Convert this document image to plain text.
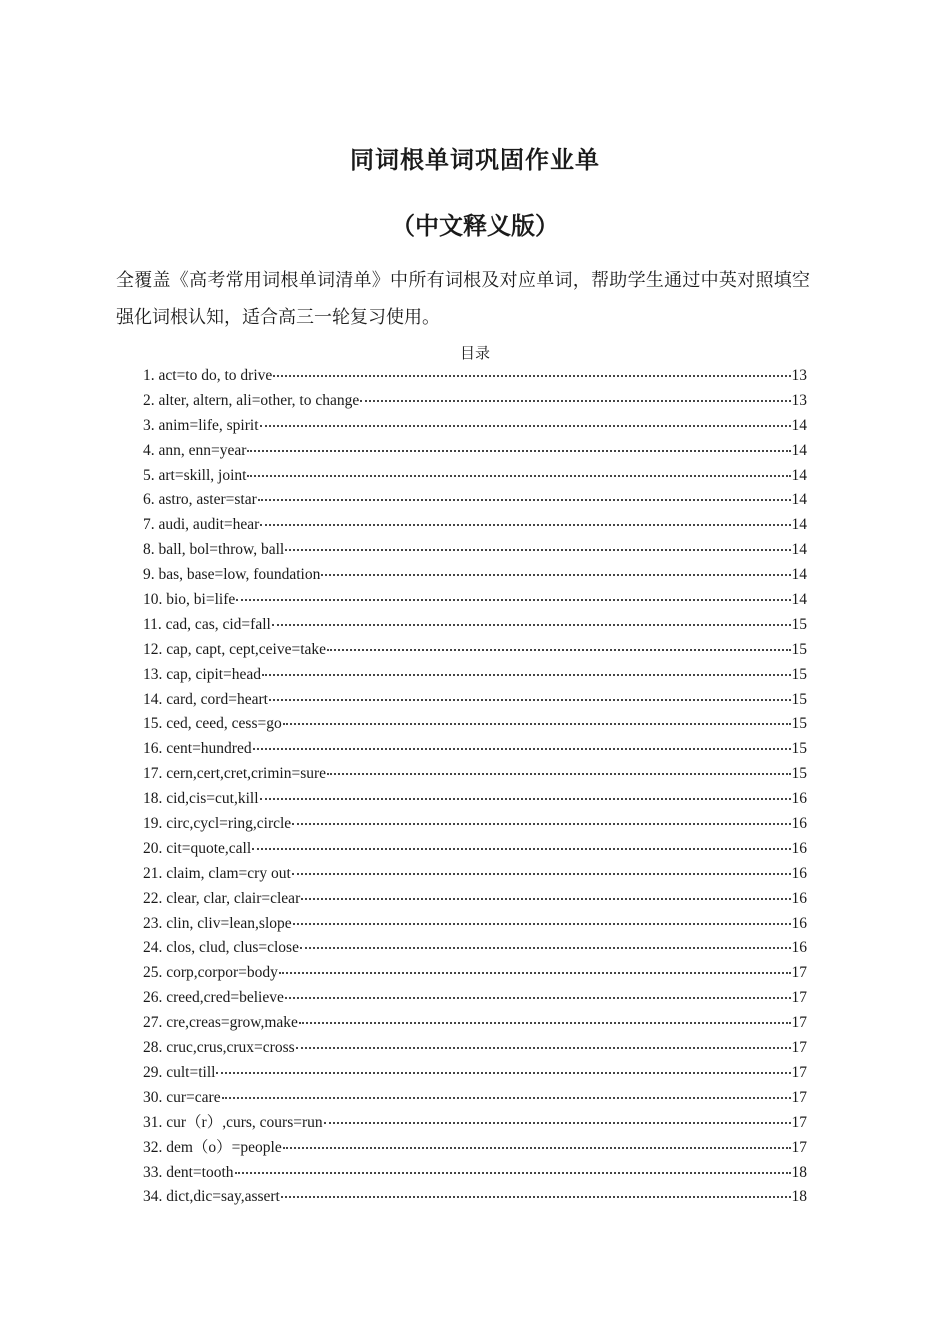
同词根单词巩固作业单
（中文释义版）
全覆盖《高考常用词根单词清单》中所有词根及对应单词，帮助学生通过中英对照填空强化词根认知，适合高三一轮复习使用。
目录
1. act=to do, to drive	13
2. alter, altern, ali=other, to change	13
3. anim=life, spirit	14
4. ann, enn=year	14
5. art=skill, joint	14
6. astro, aster=star	14
7. audi, audit=hear	14
8. ball, bol=throw, ball	14
9. bas, base=low, foundation	14
10. bio, bi=life	14
11. cad, cas, cid=fall	15
12. cap, capt, cept,ceive=take	15
13. cap, cipit=head	15
14. card, cord=heart	15
15. ced, ceed, cess=go	15
16. cent=hundred	15
17. cern,cert,cret,crimin=sure	15
18. cid,cis=cut,kill	16
19. circ,cycl=ring,circle	16
20. cit=quote,call	16
21. claim, clam=cry out	16
22. clear, clar, clair=clear	16
23. clin, cliv=lean,slope	16
24. clos, clud, clus=close	16
25. corp,corpor=body	17
26. creed,cred=believe	17
27. cre,creas=grow,make	17
28. cruc,crus,crux=cross	17
29. cult=till	17
30. cur=care	17
31. cur（r）,curs, cours=run	17
32. dem（o）=people	17
33. dent=tooth	18
34. dict,dic=say,assert	18
